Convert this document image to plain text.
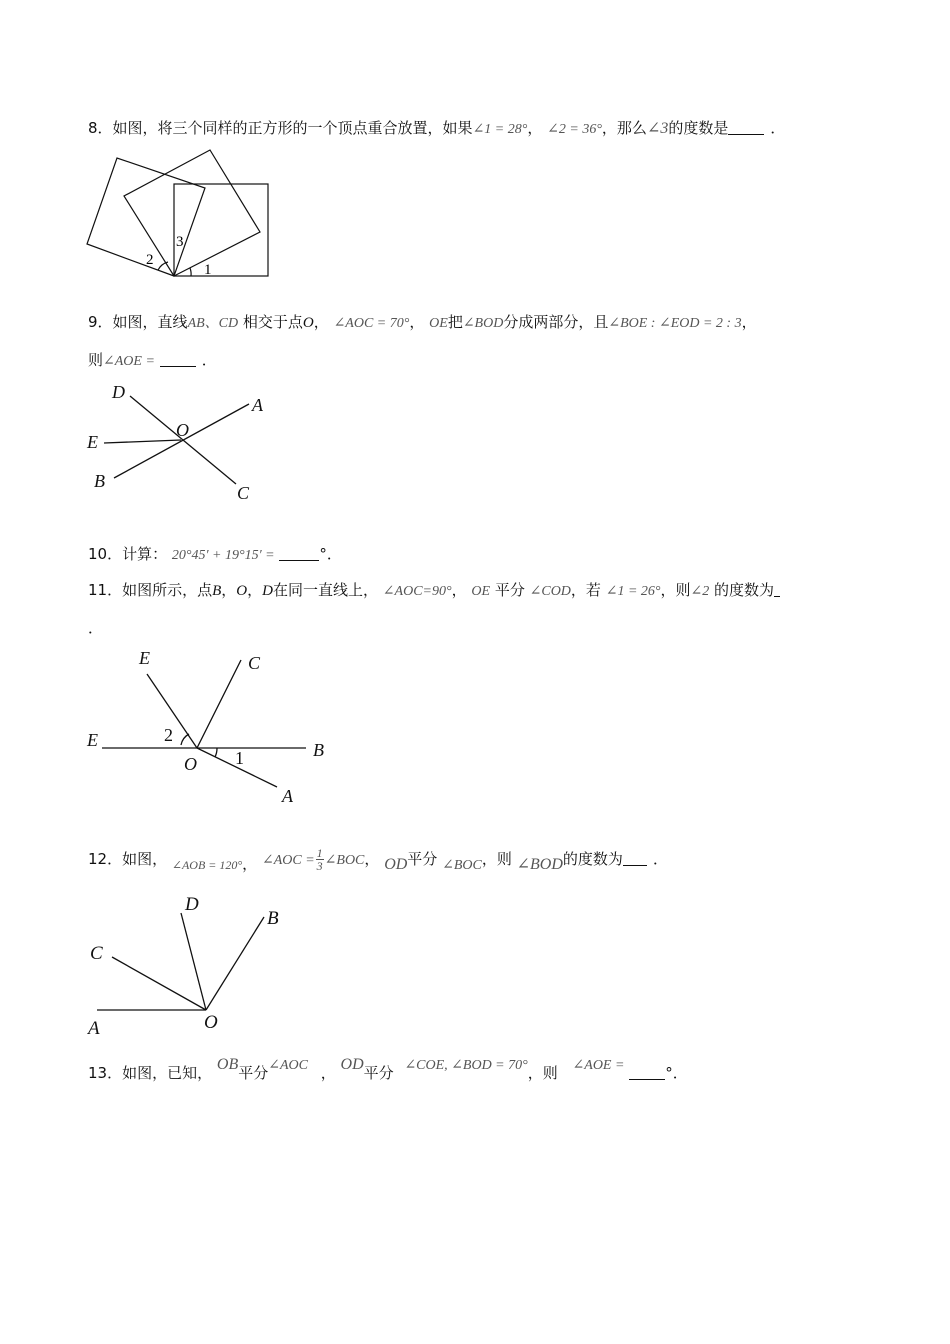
8．如图，将三个同样的正方形的一个顶点重合放置，如果∠1 = 28°， ∠2 = 36°，那么∠3的度数是	．
3
2
1
9．如图，直线AB、CD 相交于点O， ∠AOC = 70°， OE把∠BOD分成两部分，且∠BOE : ∠EOD = 2 : 3，
则∠AOE =	．
D
A
E
O
B
C
10．计算： 20°45′ + 19°15′ =	°．
11．如图所示，点B，O，D在同一直线上， ∠AOC=90°， OE 平分 ∠COD，若 ∠1 = 26°，则∠2 的度数为
．
E	C
E	B
O
A
2
1
12．如图， $_{\angle AOB = 120^\circ}$， ∠AOC = $\frac{1}{3}$ ∠BOC， OD平分 ∠BOC，则 ∠BOD的度数为 ．
A
C
D
B
O
13．如图，已知， OB平分∠AOC ， OD平分 ∠COE, ∠BOD = 70°，则 ∠AOE =	°．
